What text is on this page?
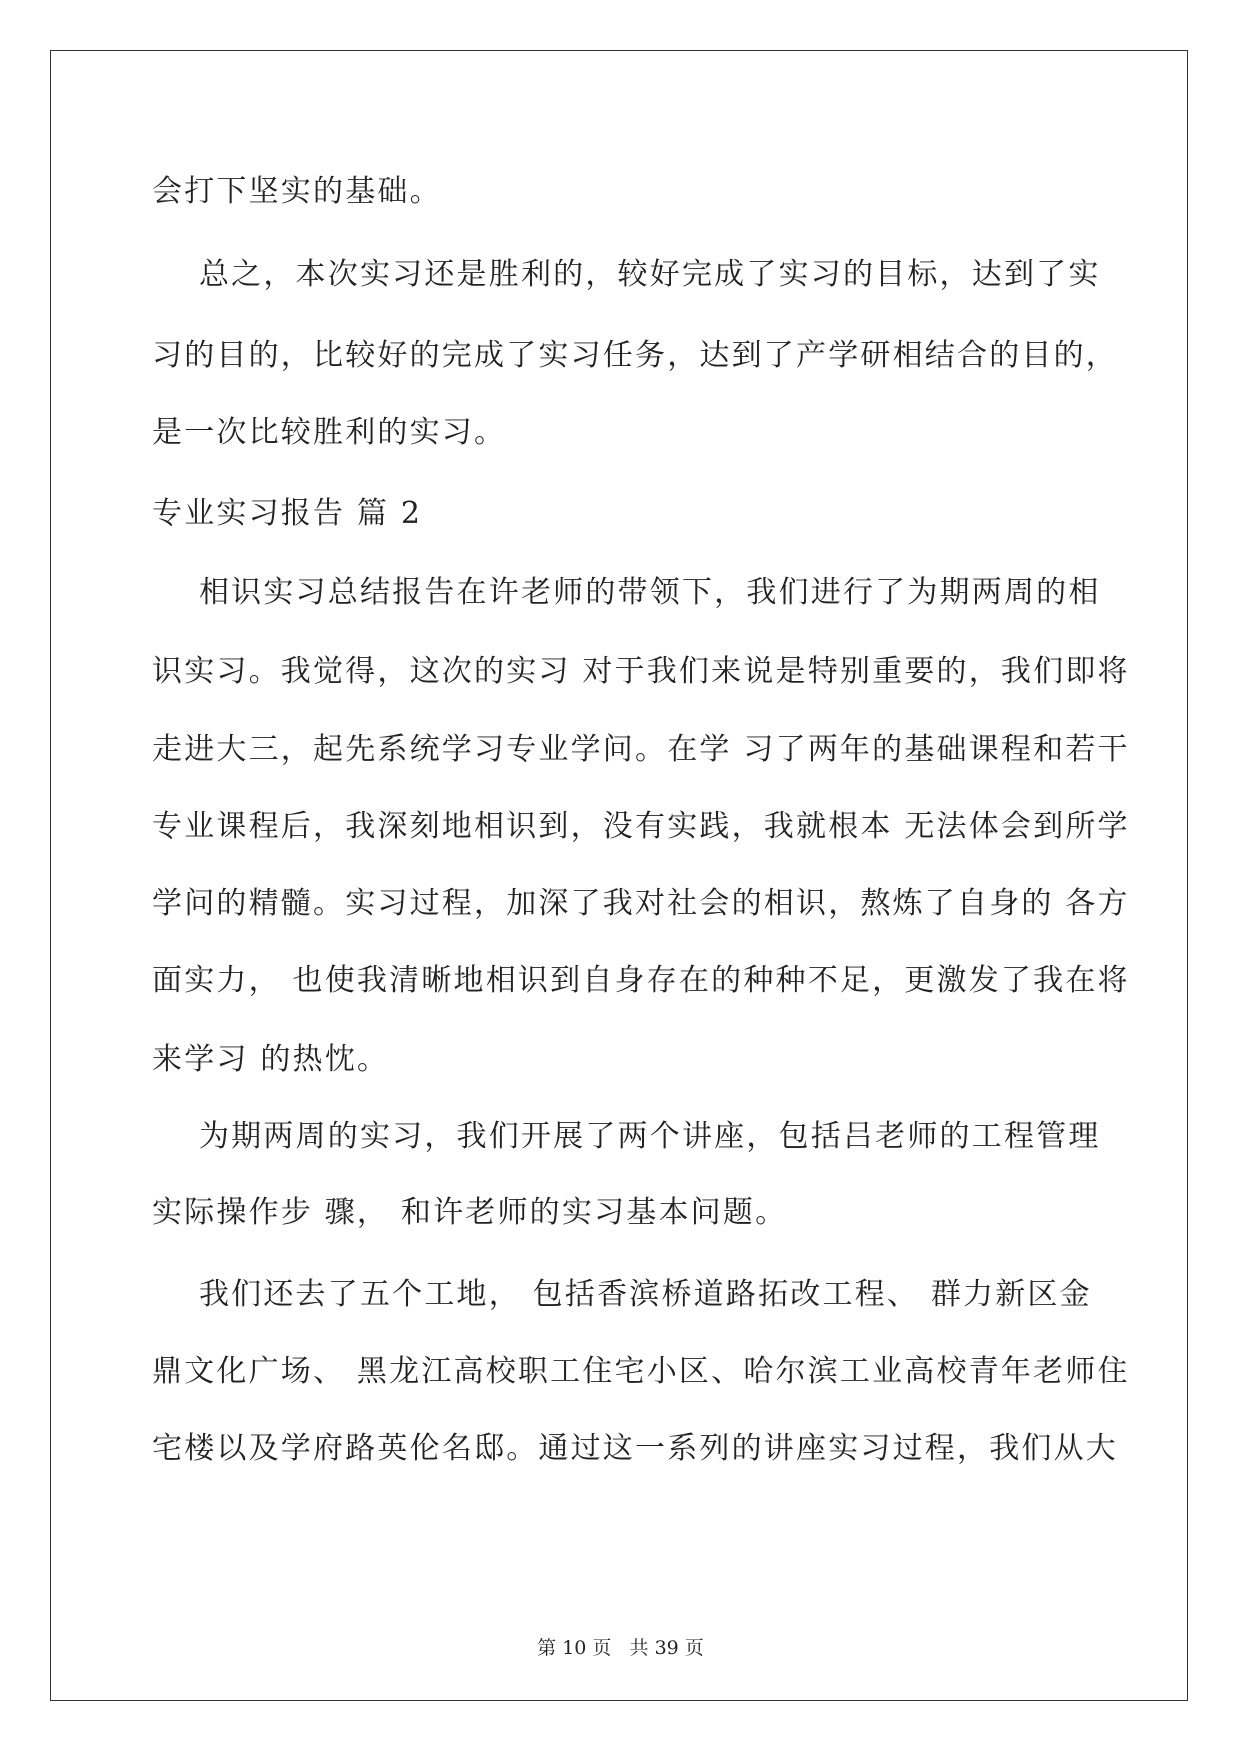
会打下坚实的基础。
总之，本次实习还是胜利的，较好完成了实习的目标，达到了实
习的目的，比较好的完成了实习任务，达到了产学研相结合的目的，
是一次比较胜利的实习。
专业实习报告 篇 2
相识实习总结报告在许老师的带领下，我们进行了为期两周的相
识实习。我觉得，这次的实习 对于我们来说是特别重要的，我们即将
走进大三，起先系统学习专业学问。在学 习了两年的基础课程和若干
专业课程后，我深刻地相识到，没有实践，我就根本 无法体会到所学
学问的精髓。实习过程，加深了我对社会的相识，熬炼了自身的 各方
面实力， 也使我清晰地相识到自身存在的种种不足，更激发了我在将
来学习 的热忱。
为期两周的实习，我们开展了两个讲座，包括吕老师的工程管理
实际操作步 骤， 和许老师的实习基本问题。
我们还去了五个工地， 包括香滨桥道路拓改工程、 群力新区金
鼎文化广场、 黑龙江高校职工住宅小区、哈尔滨工业高校青年老师住
宅楼以及学府路英伦名邸。通过这一系列的讲座实习过程，我们从大
第 10 页   共 39 页
